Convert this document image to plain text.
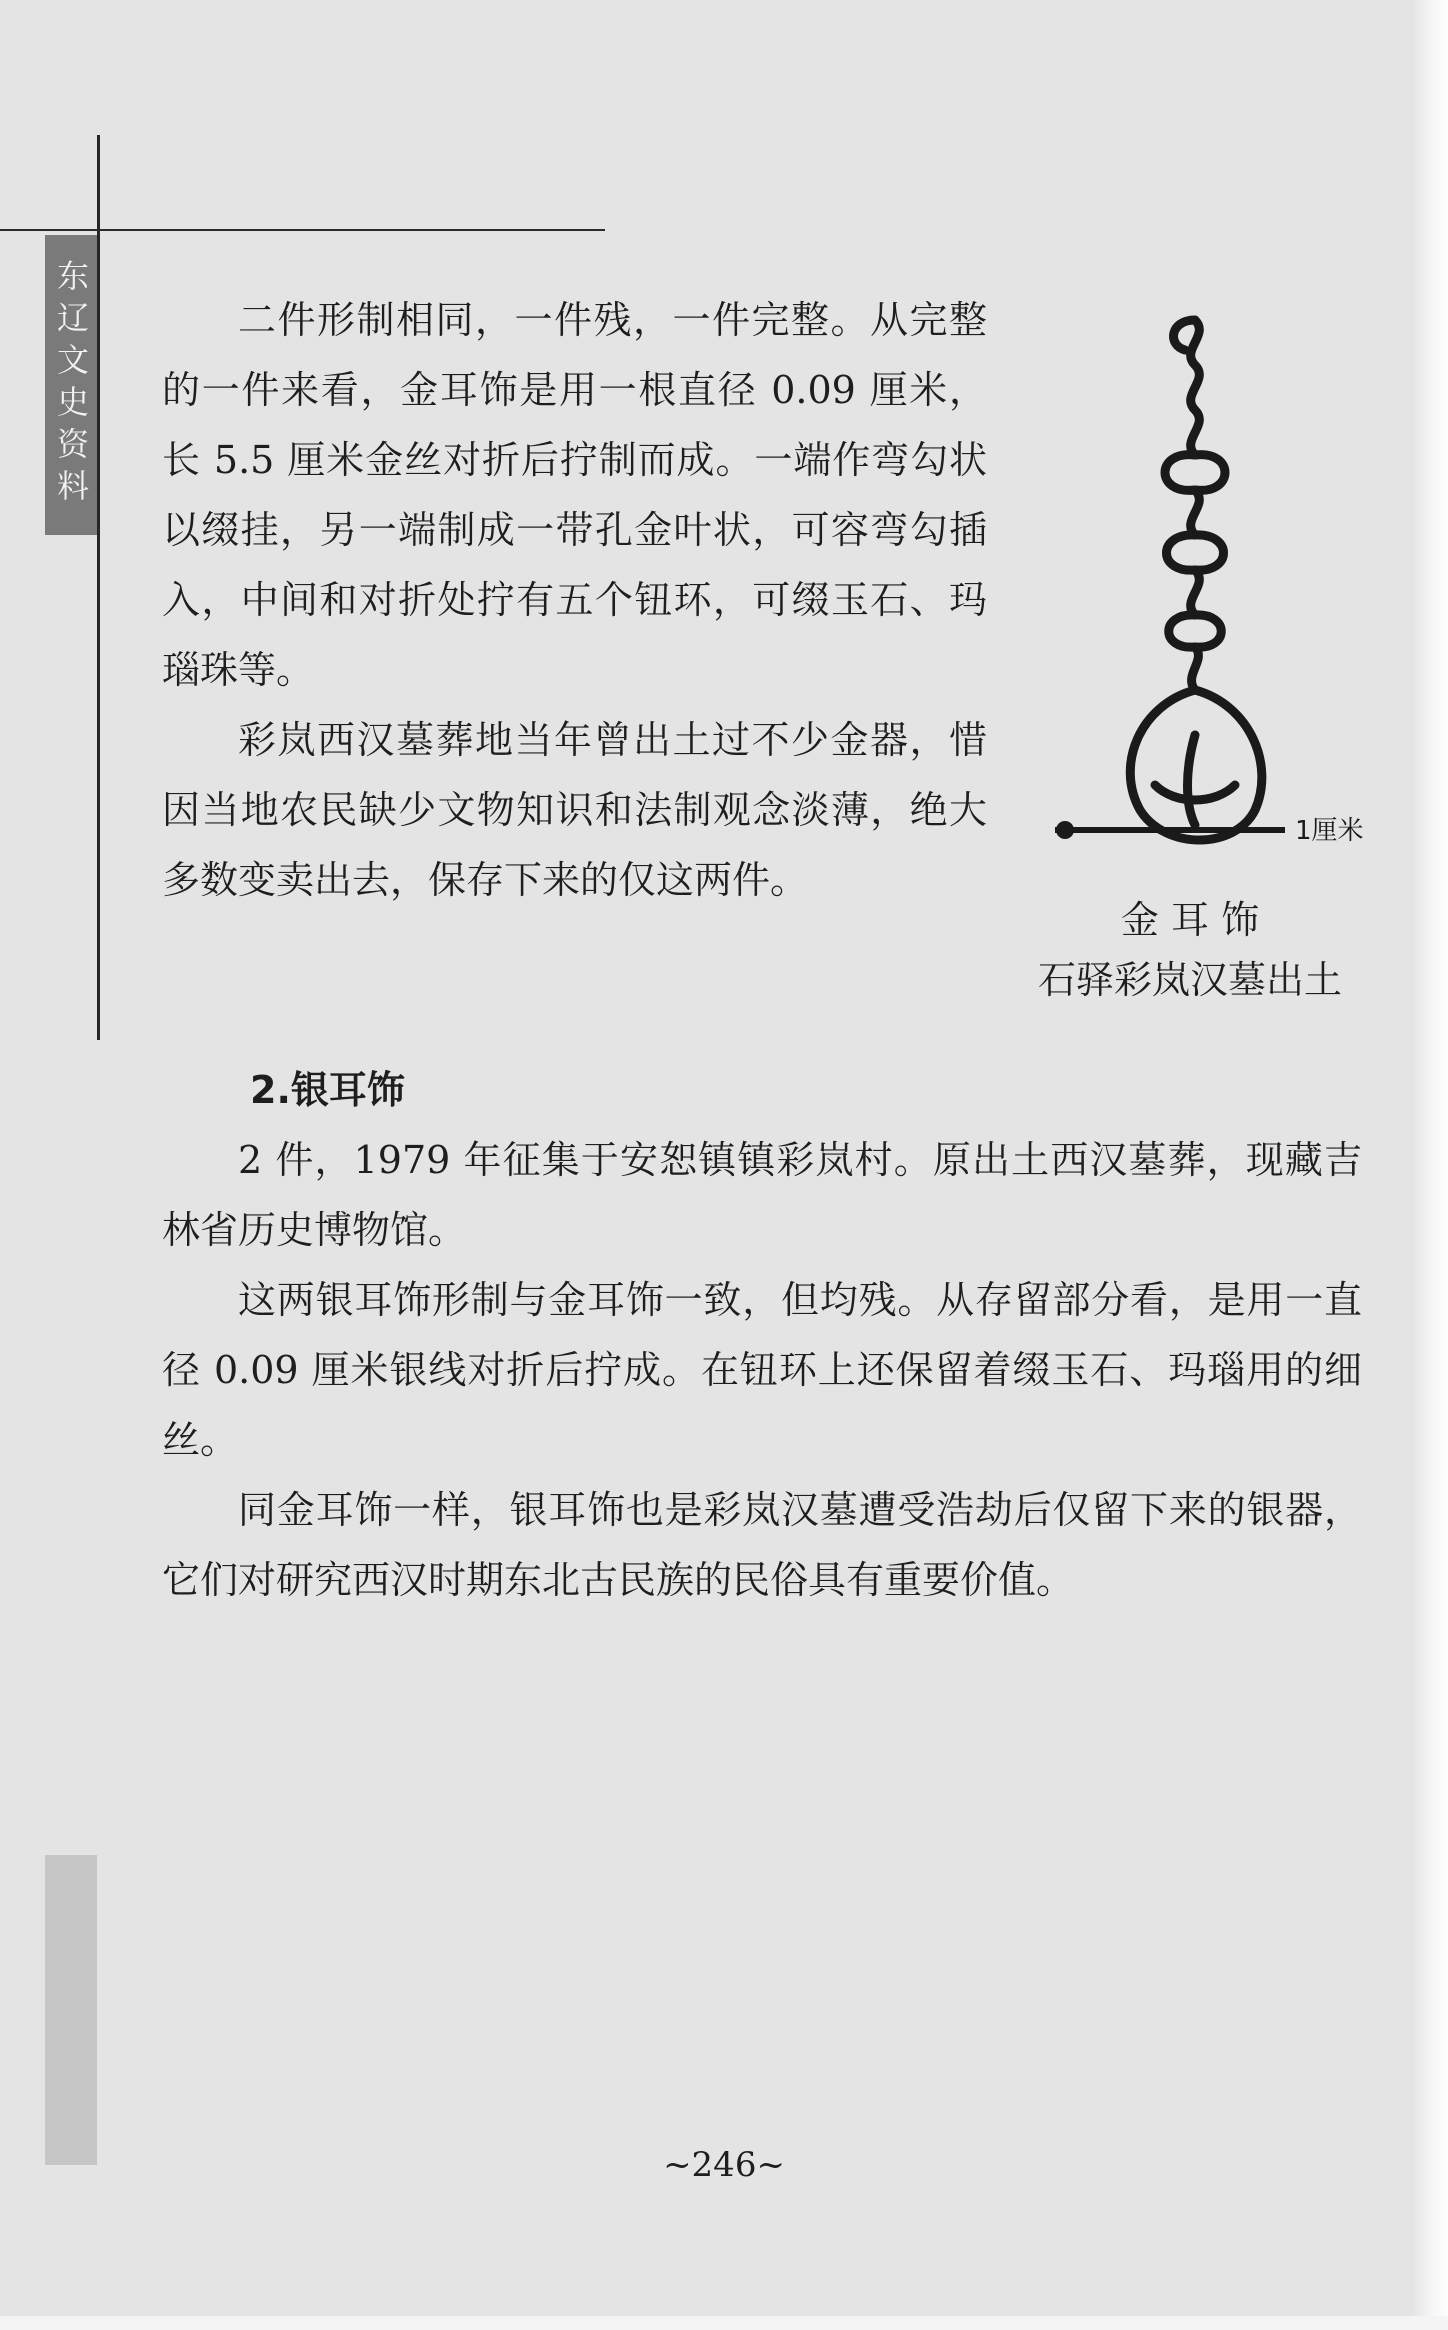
东辽文史资料	二件形制相同，一件残，一件完整。从完整的一件来看，金耳饰是用一根直径 0.09 厘米，长 5.5 厘米金丝对折后拧制而成。一端作弯勾状以缀挂，另一端制成一带孔金叶状，可容弯勾插入，中间和对折处拧有五个钮环，可缀玉石、玛瑙珠等。

彩岚西汉墓葬地当年曾出土过不少金器，惜因当地农民缺少文物知识和法制观念淡薄，绝大多数变卖出去，保存下来的仅这两件。

1厘米
金 耳 饰
石驿彩岚汉墓出土
2.银耳饰

2 件，1979 年征集于安恕镇镇彩岚村。原出土西汉墓葬，现藏吉林省历史博物馆。

这两银耳饰形制与金耳饰一致，但均残。从存留部分看，是用一直径 0.09 厘米银线对折后拧成。在钮环上还保留着缀玉石、玛瑙用的细丝。

同金耳饰一样，银耳饰也是彩岚汉墓遭受浩劫后仅留下来的银器，它们对研究西汉时期东北古民族的民俗具有重要价值。

~246~
